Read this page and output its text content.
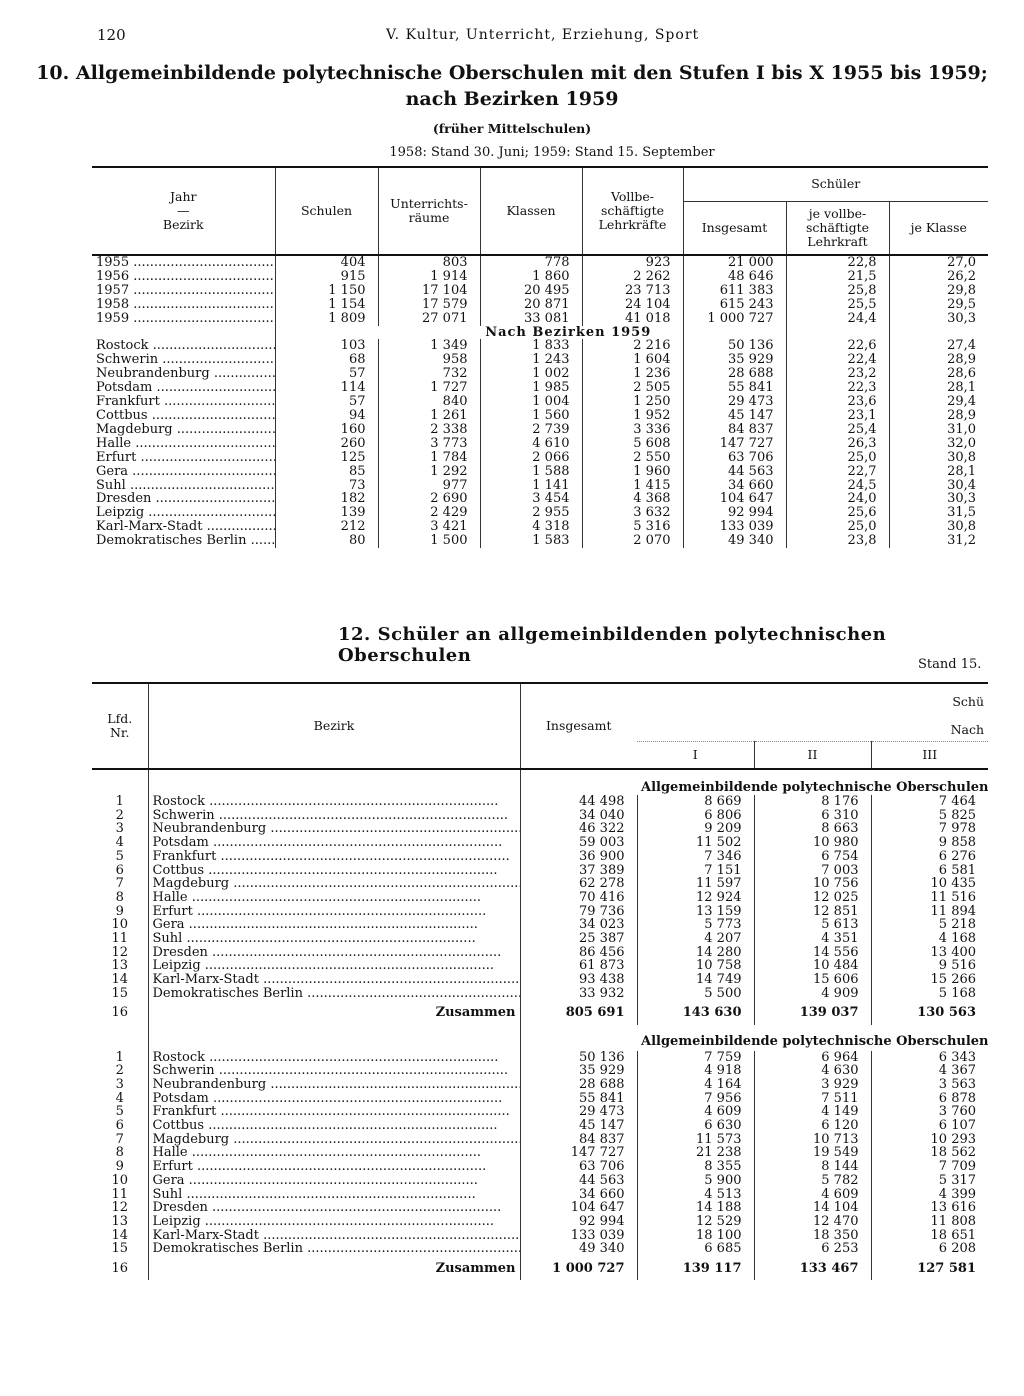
120	V. Kultur, Unterricht, Erziehung, Sport
10. Allgemeinbildende polytechnische Oberschulen mit den Stufen I bis X 1955 bis 1959;
nach Bezirken 1959
(früher Mittelschulen)
1958: Stand 30. Juni; 1959: Stand 15. September
Jahr
—
Bezirk	Schulen	Unterrichts-räume	Klassen	Vollbe-schäftigte Lehrkräfte	Schüler		
					Insgesamt	je vollbe-schäftigte Lehrkraft	je Klasse
1955 .....	404	803	778	923	21 000	22,8	27,0
1956 .....	915	1 914	1 860	2 262	48 646	21,5	26,2
1957 .....	1 150	17 104	20 495	23 713	611 383	25,8	29,8
1958 .....	1 154	17 579	20 871	24 104	615 243	25,5	29,5
1959 .....	1 809	27 071	33 081	41 018	1 000 727	24,4	30,3
		Nach Bezirken 1959					
Rostock .....	103	1 349	1 833	2 216	50 136	22,6	27,4
Schwerin .....	68	958	1 243	1 604	35 929	22,4	28,9
Neubrandenburg .....	57	732	1 002	1 236	28 688	23,2	28,6
Potsdam .....	114	1 727	1 985	2 505	55 841	22,3	28,1
Frankfurt .....	57	840	1 004	1 250	29 473	23,6	29,4
Cottbus .....	94	1 261	1 560	1 952	45 147	23,1	28,9
Magdeburg .....	160	2 338	2 739	3 336	84 837	25,4	31,0
Halle .....	260	3 773	4 610	5 608	147 727	26,3	32,0
Erfurt .....	125	1 784	2 066	2 550	63 706	25,0	30,8
Gera .....	85	1 292	1 588	1 960	44 563	22,7	28,1
Suhl .....	73	977	1 141	1 415	34 660	24,5	30,4
Dresden .....	182	2 690	3 454	4 368	104 647	24,0	30,3
Leipzig .....	139	2 429	2 955	3 632	92 994	25,6	31,5
Karl-Marx-Stadt .....	212	3 421	4 318	5 316	133 039	25,0	30,8
Demokratisches Berlin .....	80	1 500	1 583	2 070	49 340	23,8	31,2
12. Schüler an allgemeinbildenden polytechnischen Oberschulen	Stand 15.
Lfd.
Nr.	Bezirk	Insgesamt	Schü		
			Nach		
			I	II	III
			Allgemeinbildende polytechnische Oberschulen		
1	Rostock .....	44 498	8 669	8 176	7 464
2	Schwerin .....	34 040	6 806	6 310	5 825
3	Neubrandenburg .....	46 322	9 209	8 663	7 978
4	Potsdam .....	59 003	11 502	10 980	9 858
5	Frankfurt .....	36 900	7 346	6 754	6 276
6	Cottbus .....	37 389	7 151	7 003	6 581
7	Magdeburg .....	62 278	11 597	10 756	10 435
8	Halle .....	70 416	12 924	12 025	11 516
9	Erfurt .....	79 736	13 159	12 851	11 894
10	Gera .....	34 023	5 773	5 613	5 218
11	Suhl .....	25 387	4 207	4 351	4 168
12	Dresden .....	86 456	14 280	14 556	13 400
13	Leipzig .....	61 873	10 758	10 484	9 516
14	Karl-Marx-Stadt .....	93 438	14 749	15 606	15 266
15	Demokratisches Berlin .....	33 932	5 500	4 909	5 168
16	Zusammen	805 691	143 630	139 037	130 563
			Allgemeinbildende polytechnische Oberschulen		
1	Rostock .....	50 136	7 759	6 964	6 343
2	Schwerin .....	35 929	4 918	4 630	4 367
3	Neubrandenburg .....	28 688	4 164	3 929	3 563
4	Potsdam .....	55 841	7 956	7 511	6 878
5	Frankfurt .....	29 473	4 609	4 149	3 760
6	Cottbus .....	45 147	6 630	6 120	6 107
7	Magdeburg .....	84 837	11 573	10 713	10 293
8	Halle .....	147 727	21 238	19 549	18 562
9	Erfurt .....	63 706	8 355	8 144	7 709
10	Gera .....	44 563	5 900	5 782	5 317
11	Suhl .....	34 660	4 513	4 609	4 399
12	Dresden .....	104 647	14 188	14 104	13 616
13	Leipzig .....	92 994	12 529	12 470	11 808
14	Karl-Marx-Stadt .....	133 039	18 100	18 350	18 651
15	Demokratisches Berlin .....	49 340	6 685	6 253	6 208
16	Zusammen	1 000 727	139 117	133 467	127 581
